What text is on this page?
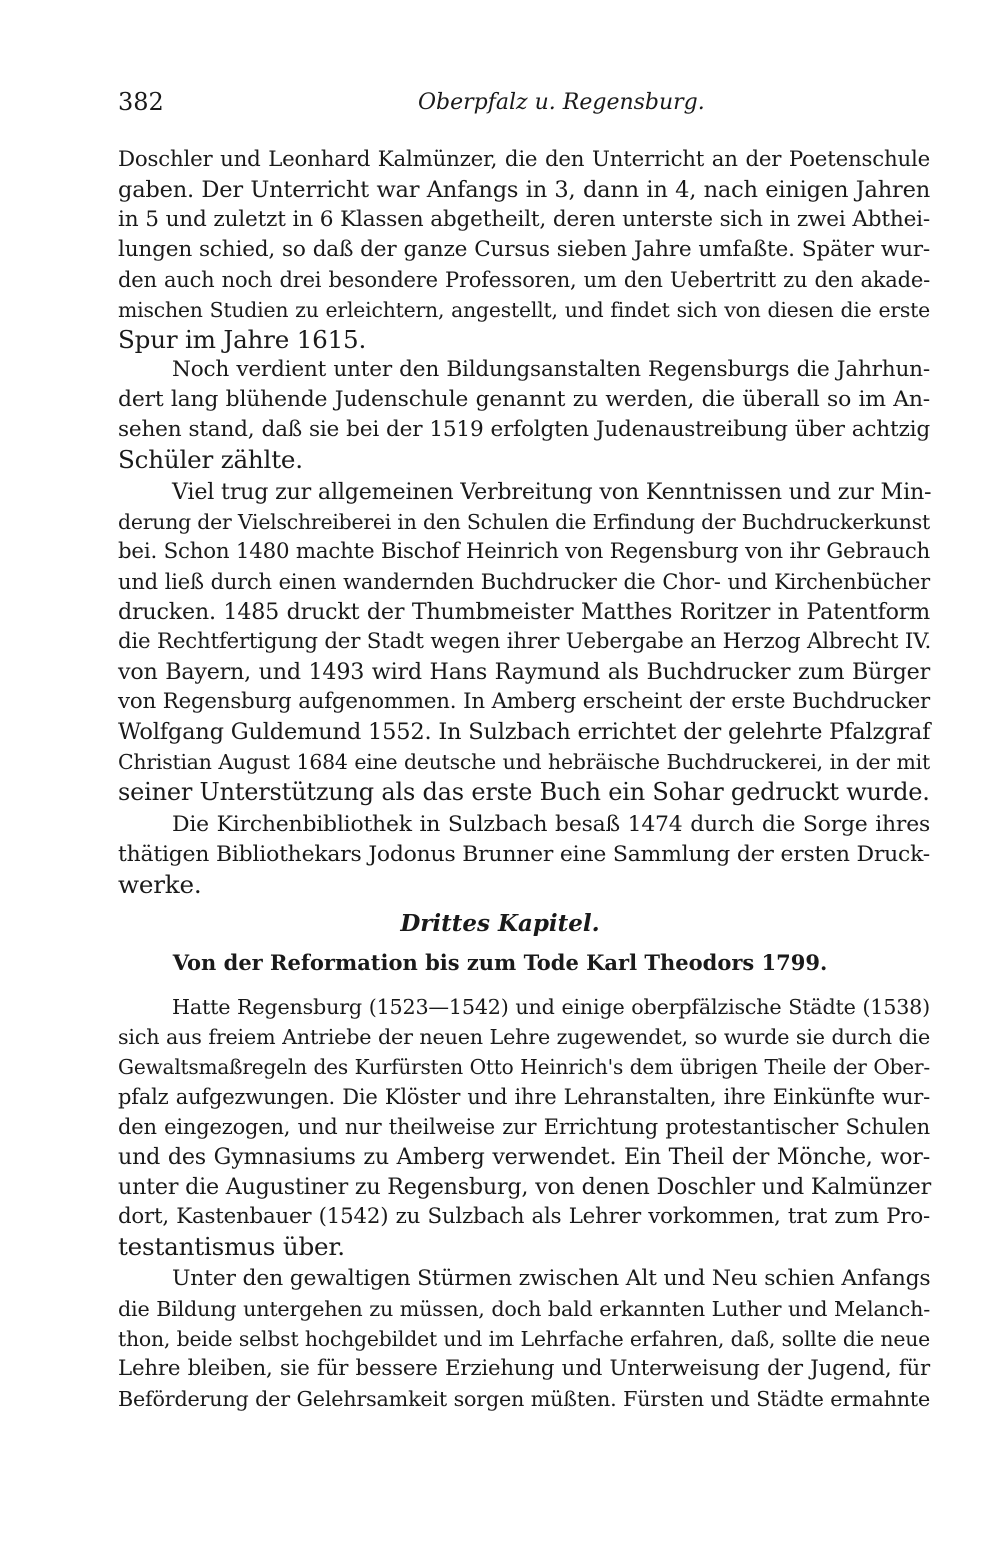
382	Oberpfalz u. Regensburg.
Doschler und Leonhard Kalmünzer, die den Unterricht an der Poetenschule
gaben. Der Unterricht war Anfangs in 3, dann in 4, nach einigen Jahren
in 5 und zuletzt in 6 Klassen abgetheilt, deren unterste sich in zwei Abthei-
lungen schied, so daß der ganze Cursus sieben Jahre umfaßte. Später wur-
den auch noch drei besondere Professoren, um den Uebertritt zu den akade-
mischen Studien zu erleichtern, angestellt, und findet sich von diesen die erste
Spur im Jahre 1615.
Noch verdient unter den Bildungsanstalten Regensburgs die Jahrhun-
dert lang blühende Judenschule genannt zu werden, die überall so im An-
sehen stand, daß sie bei der 1519 erfolgten Judenaustreibung über achtzig
Schüler zählte.
Viel trug zur allgemeinen Verbreitung von Kenntnissen und zur Min-
derung der Vielschreiberei in den Schulen die Erfindung der Buchdruckerkunst
bei. Schon 1480 machte Bischof Heinrich von Regensburg von ihr Gebrauch
und ließ durch einen wandernden Buchdrucker die Chor- und Kirchenbücher
drucken. 1485 druckt der Thumbmeister Matthes Roritzer in Patentform
die Rechtfertigung der Stadt wegen ihrer Uebergabe an Herzog Albrecht IV.
von Bayern, und 1493 wird Hans Raymund als Buchdrucker zum Bürger
von Regensburg aufgenommen. In Amberg erscheint der erste Buchdrucker
Wolfgang Guldemund 1552. In Sulzbach errichtet der gelehrte Pfalzgraf
Christian August 1684 eine deutsche und hebräische Buchdruckerei, in der mit
seiner Unterstützung als das erste Buch ein Sohar gedruckt wurde.
Die Kirchenbibliothek in Sulzbach besaß 1474 durch die Sorge ihres
thätigen Bibliothekars Jodonus Brunner eine Sammlung der ersten Druck-
werke.
Drittes Kapitel.
Von der Reformation bis zum Tode Karl Theodors 1799.
Hatte Regensburg (1523—1542) und einige oberpfälzische Städte (1538)
sich aus freiem Antriebe der neuen Lehre zugewendet, so wurde sie durch die
Gewaltsmaßregeln des Kurfürsten Otto Heinrich's dem übrigen Theile der Ober-
pfalz aufgezwungen. Die Klöster und ihre Lehranstalten, ihre Einkünfte wur-
den eingezogen, und nur theilweise zur Errichtung protestantischer Schulen
und des Gymnasiums zu Amberg verwendet. Ein Theil der Mönche, wor-
unter die Augustiner zu Regensburg, von denen Doschler und Kalmünzer
dort, Kastenbauer (1542) zu Sulzbach als Lehrer vorkommen, trat zum Pro-
testantismus über.
Unter den gewaltigen Stürmen zwischen Alt und Neu schien Anfangs
die Bildung untergehen zu müssen, doch bald erkannten Luther und Melanch-
thon, beide selbst hochgebildet und im Lehrfache erfahren, daß, sollte die neue
Lehre bleiben, sie für bessere Erziehung und Unterweisung der Jugend, für
Beförderung der Gelehrsamkeit sorgen müßten. Fürsten und Städte ermahnte
